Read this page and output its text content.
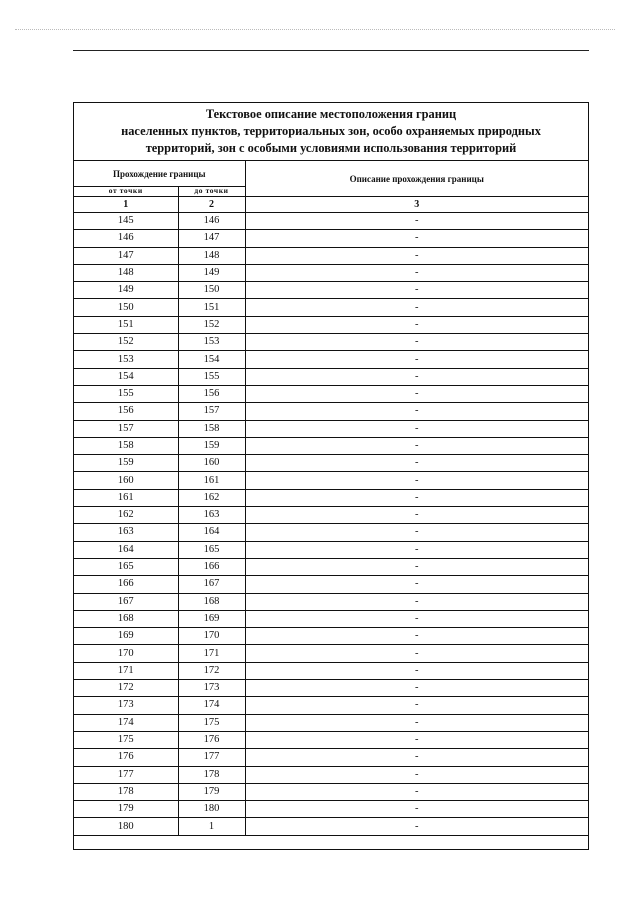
Текстовое описание местоположения границ
населенных пунктов, территориальных зон, особо охраняемых природных
территорий, зон с особыми условиями использования территорий
Прохождение границы		Описание прохождения границы
от точки	до точки	
1	2	3
145	146	-
146	147	-
147	148	-
148	149	-
149	150	-
150	151	-
151	152	-
152	153	-
153	154	-
154	155	-
155	156	-
156	157	-
157	158	-
158	159	-
159	160	-
160	161	-
161	162	-
162	163	-
163	164	-
164	165	-
165	166	-
166	167	-
167	168	-
168	169	-
169	170	-
170	171	-
171	172	-
172	173	-
173	174	-
174	175	-
175	176	-
176	177	-
177	178	-
178	179	-
179	180	-
180	1	-
